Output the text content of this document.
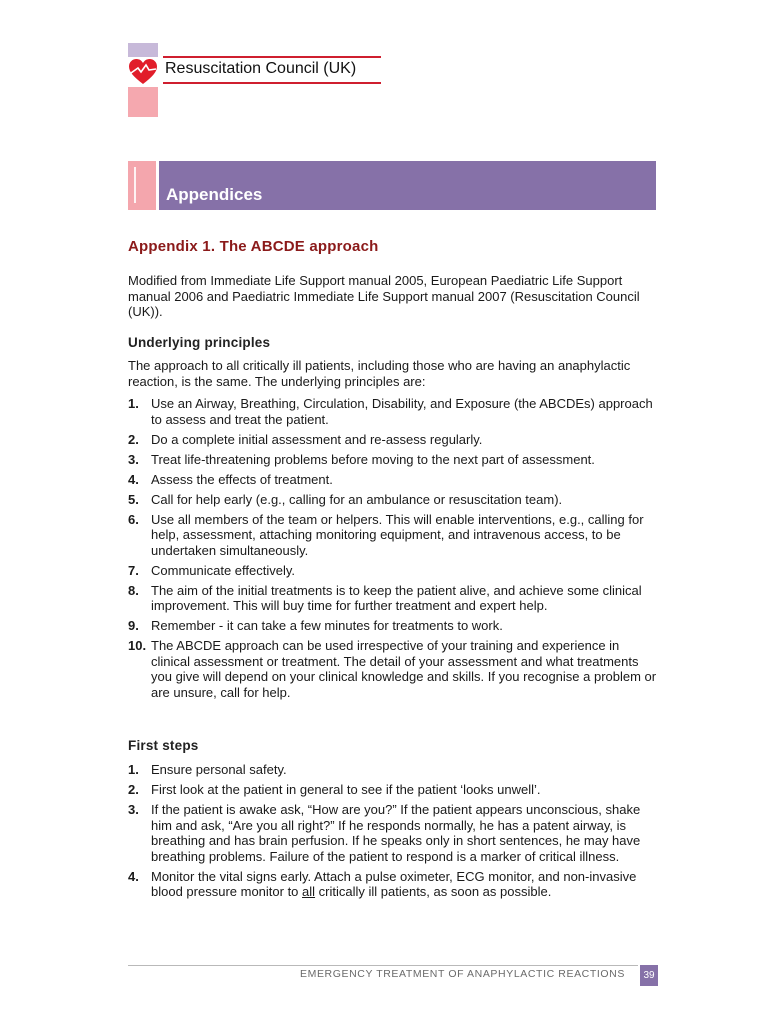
Resuscitation Council (UK)
Appendices
Appendix 1. The ABCDE approach

Modified from Immediate Life Support manual 2005, European Paediatric Life Support manual 2006 and Paediatric Immediate Life Support manual 2007 (Resuscitation Council (UK)).

Underlying principles

The approach to all critically ill patients, including those who are having an anaphylactic reaction, is the same. The underlying principles are:

1. Use an Airway, Breathing, Circulation, Disability, and Exposure (the ABCDEs) approach to assess and treat the patient.
2. Do a complete initial assessment and re-assess regularly.
3. Treat life-threatening problems before moving to the next part of assessment.
4. Assess the effects of treatment.
5. Call for help early (e.g., calling for an ambulance or resuscitation team).
6. Use all members of the team or helpers. This will enable interventions, e.g., calling for help, assessment, attaching monitoring equipment, and intravenous access, to be undertaken simultaneously.
7. Communicate effectively.
8. The aim of the initial treatments is to keep the patient alive, and achieve some clinical improvement. This will buy time for further treatment and expert help.
9. Remember - it can take a few minutes for treatments to work.
10. The ABCDE approach can be used irrespective of your training and experience in clinical assessment or treatment. The detail of your assessment and what treatments you give will depend on your clinical knowledge and skills. If you recognise a problem or are unsure, call for help.
First steps
1. Ensure personal safety.
2. First look at the patient in general to see if the patient ‘looks unwell’.
3. If the patient is awake ask, “How are you?” If the patient appears unconscious, shake him and ask, “Are you all right?” If he responds normally, he has a patent airway, is breathing and has brain perfusion. If he speaks only in short sentences, he may have breathing problems. Failure of the patient to respond is a marker of critical illness.
4. Monitor the vital signs early. Attach a pulse oximeter, ECG monitor, and non-invasive blood pressure monitor to all critically ill patients, as soon as possible.
EMERGENCY TREATMENT OF ANAPHYLACTIC REACTIONS	39
